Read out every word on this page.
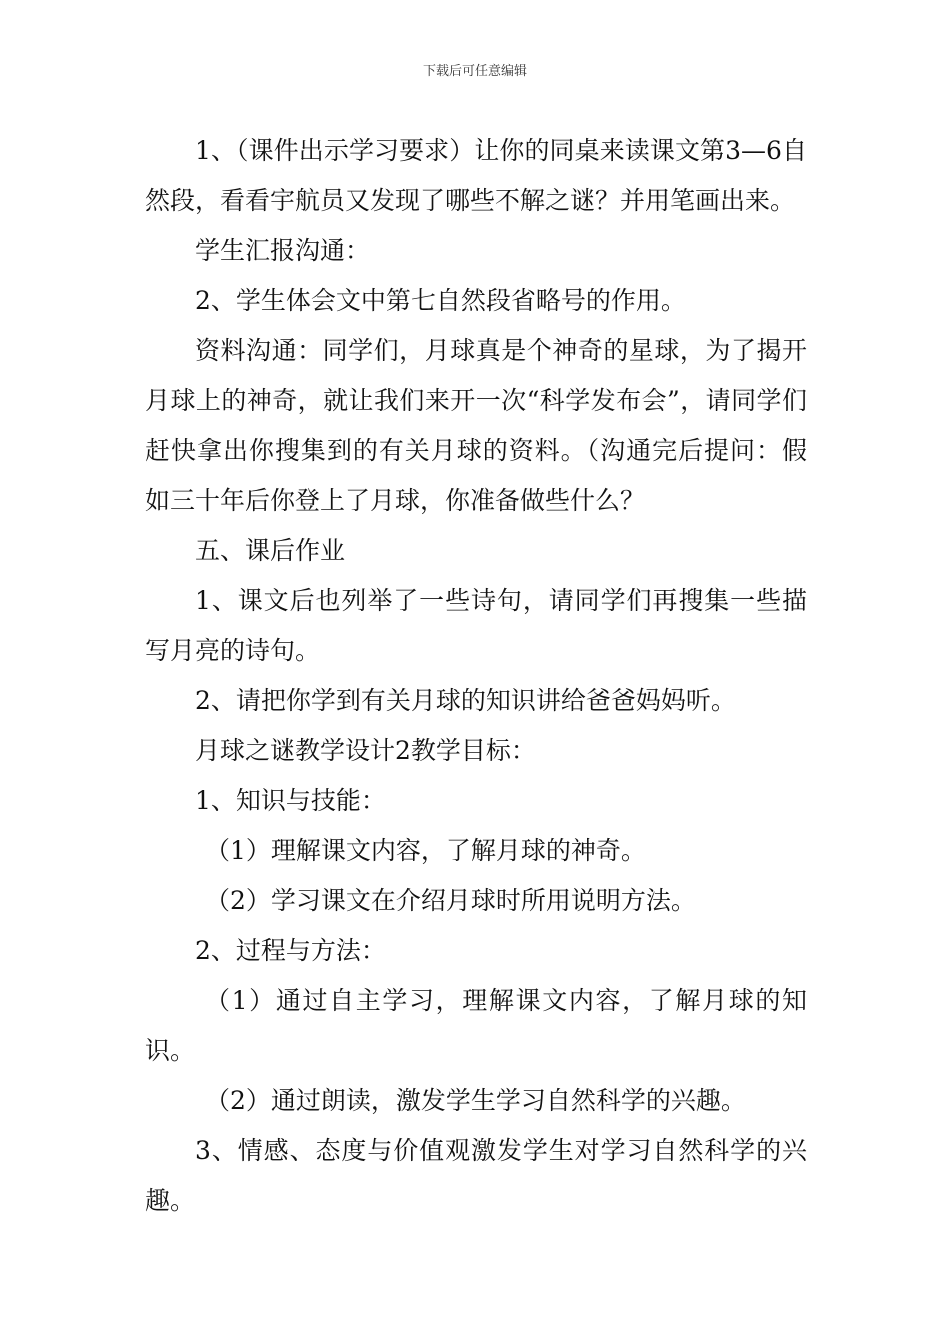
下载后可任意编辑

1、（课件出示学习要求）让你的同桌来读课文第3—6自然段，看看宇航员又发现了哪些不解之谜？并用笔画出来。

学生汇报沟通：

2、学生体会文中第七自然段省略号的作用。

资料沟通：同学们，月球真是个神奇的星球，为了揭开月球上的神奇，就让我们来开一次“科学发布会”，请同学们赶快拿出你搜集到的有关月球的资料。（沟通完后提问：假如三十年后你登上了月球，你准备做些什么？

五、课后作业

1、课文后也列举了一些诗句，请同学们再搜集一些描写月亮的诗句。

2、请把你学到有关月球的知识讲给爸爸妈妈听。

月球之谜教学设计2教学目标：

1、知识与技能：

（1）理解课文内容，了解月球的神奇。

（2）学习课文在介绍月球时所用说明方法。

2、过程与方法：

（1）通过自主学习，理解课文内容，了解月球的知识。

（2）通过朗读，激发学生学习自然科学的兴趣。

3、情感、态度与价值观激发学生对学习自然科学的兴趣。
